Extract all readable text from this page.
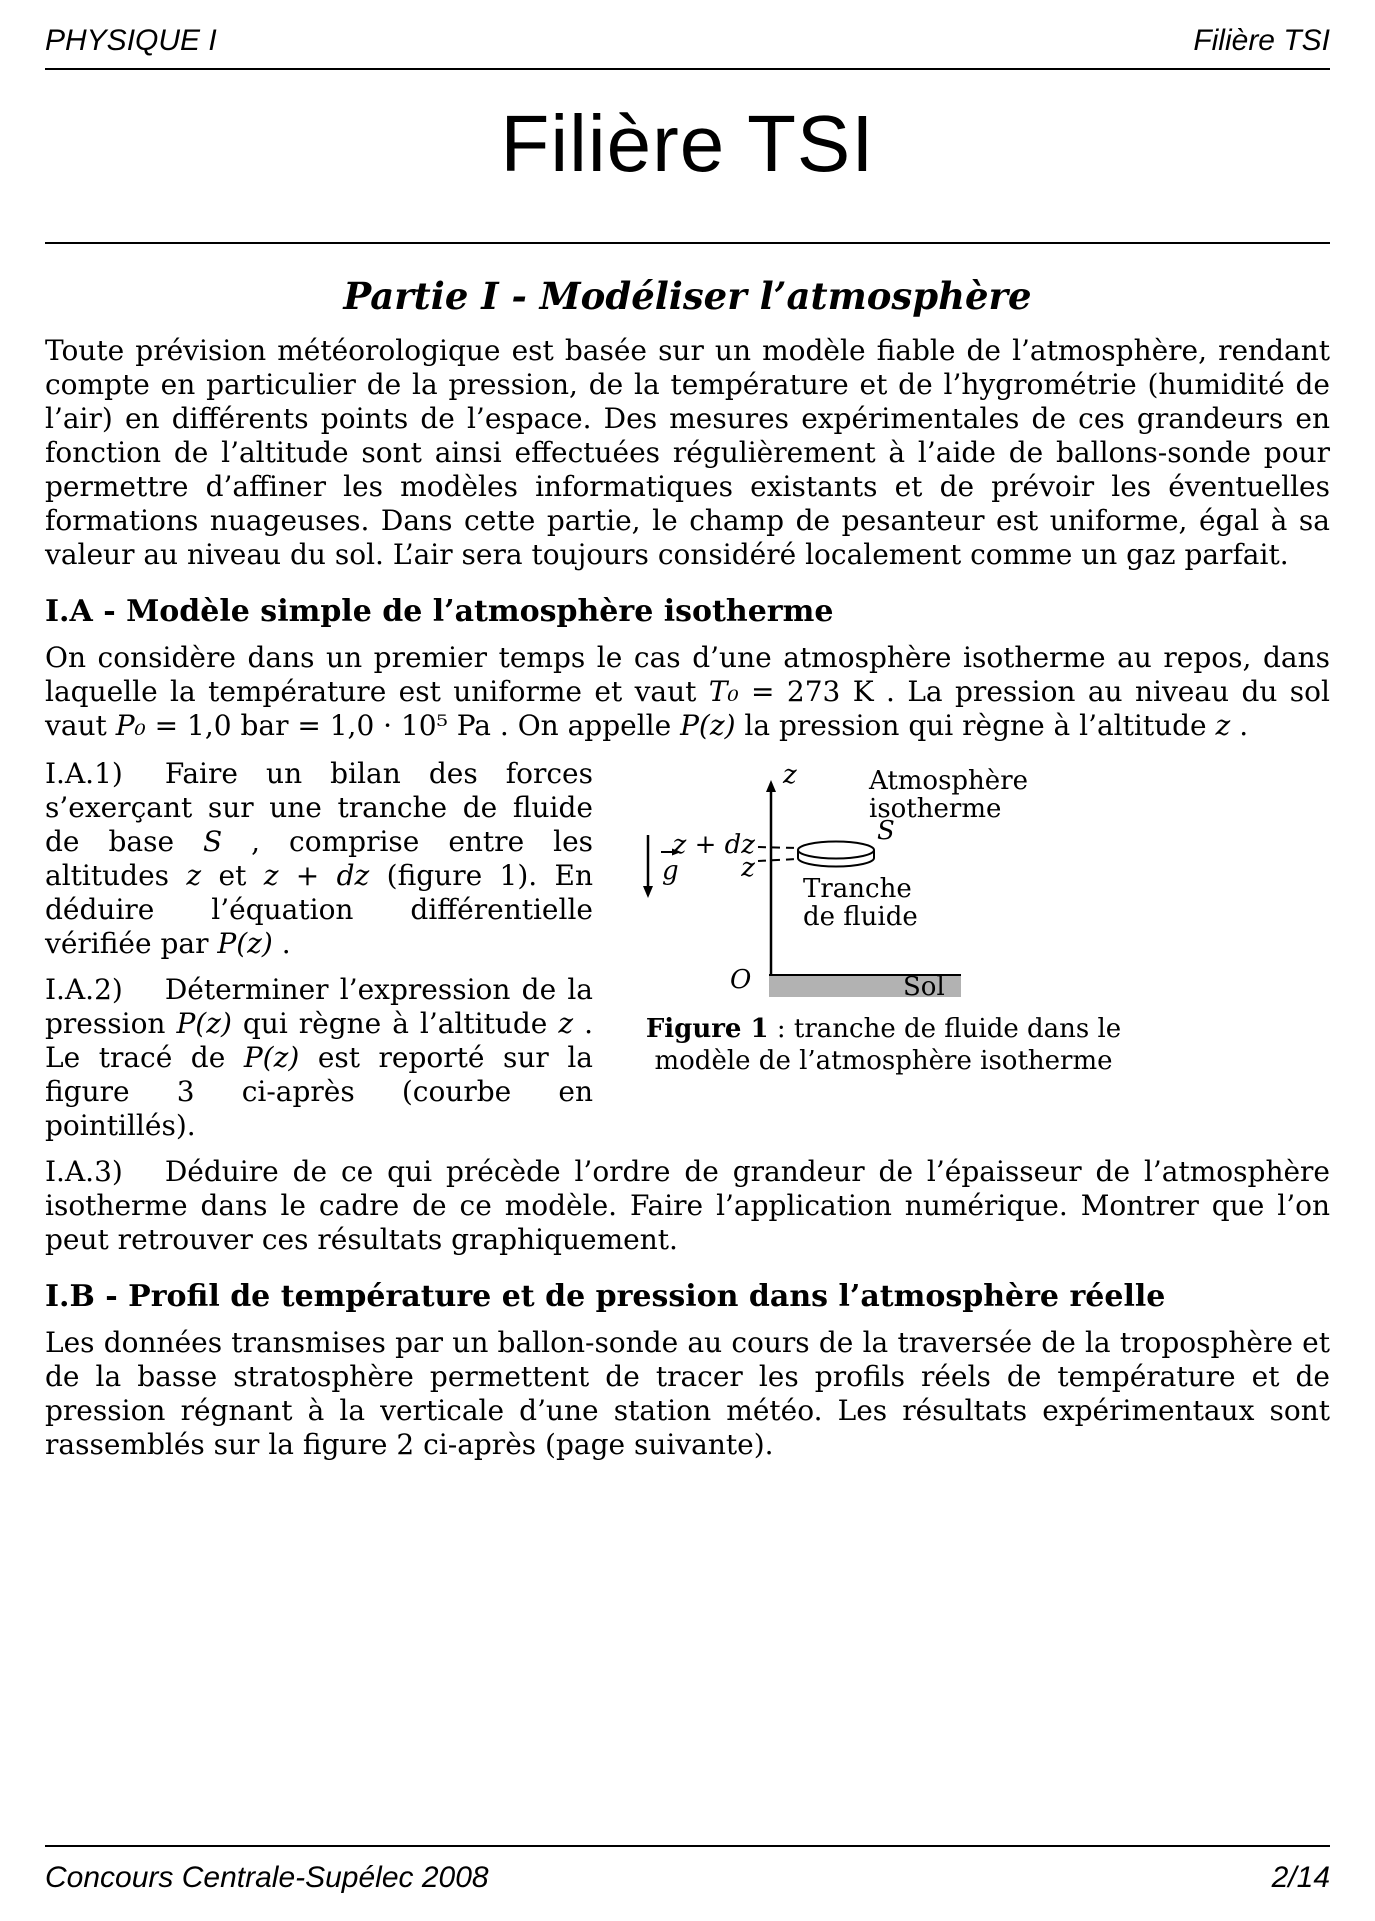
PHYSIQUE I	Filière TSI
Filière TSI
Partie I - Modéliser l’atmosphère

Toute prévision météorologique est basée sur un modèle fiable de l’atmosphère, rendant compte en particulier de la pression, de la température et de l’hygrométrie (humidité de l’air) en différents points de l’espace. Des mesures expérimentales de ces grandeurs en fonction de l’altitude sont ainsi effectuées régulièrement à l’aide de ballons-sonde pour permettre d’affiner les modèles informatiques existants et de prévoir les éventuelles formations nuageuses. Dans cette partie, le champ de pesanteur est uniforme, égal à sa valeur au niveau du sol. L’air sera toujours considéré localement comme un gaz parfait.

I.A - Modèle simple de l’atmosphère isotherme

On considère dans un premier temps le cas d’une atmosphère isotherme au repos, dans laquelle la température est uniforme et vaut T₀ = 273 K . La pression au niveau du sol vaut P₀ = 1,0 bar = 1,0 · 10⁵ Pa . On appelle P(z) la pression qui règne à l’altitude z .

I.A.1) Faire un bilan des forces s’exerçant sur une tranche de fluide de base S , comprise entre les altitudes z et z + dz (figure 1). En déduire l’équation différentielle vérifiée par P(z) .

I.A.2) Déterminer l’expression de la pression P(z) qui règne à l’altitude z . Le tracé de P(z) est reporté sur la figure 3 ci-après (courbe en pointillés).

z	Atmosphère
isotherme
g
z + dz
z
S
Tranche
de fluide
Sol
O

Figure 1 : tranche de fluide dans le modèle de l’atmosphère isotherme

I.A.3) Déduire de ce qui précède l’ordre de grandeur de l’épaisseur de l’atmosphère isotherme dans le cadre de ce modèle. Faire l’application numérique. Montrer que l’on peut retrouver ces résultats graphiquement.

I.B - Profil de température et de pression dans l’atmosphère réelle

Les données transmises par un ballon-sonde au cours de la traversée de la troposphère et de la basse stratosphère permettent de tracer les profils réels de température et de pression régnant à la verticale d’une station météo. Les résultats expérimentaux sont rassemblés sur la figure 2 ci-après (page suivante).

Concours Centrale-Supélec 2008	2/14
